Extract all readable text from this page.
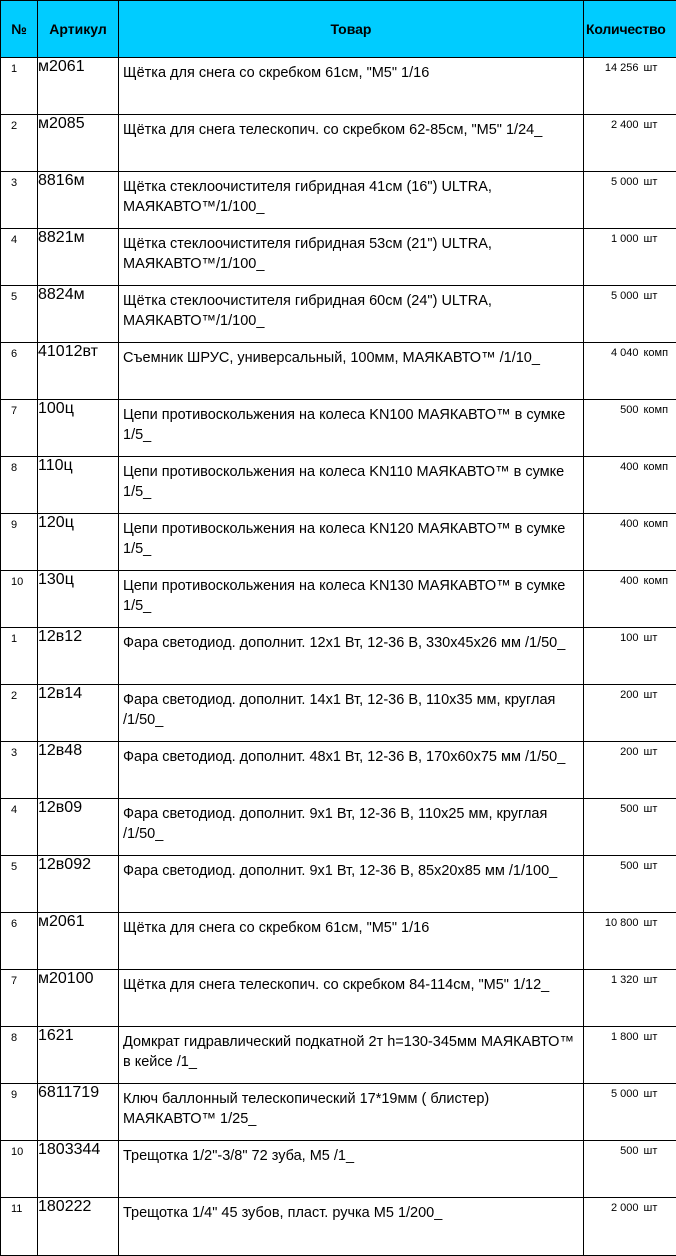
№	Артикул	Товар	Количество	
1	м2061	Щётка для снега со скребком 61см, "М5" 1/16	14 256	шт
2	м2085	Щётка для снега телескопич. со скребком 62-85см, "М5" 1/24_	2 400	шт
3	8816м	Щётка стеклоочистителя гибридная 41см (16") ULTRA, МАЯКАВТО™/1/100_	5 000	шт
4	8821м	Щётка стеклоочистителя гибридная 53см (21") ULTRA, МАЯКАВТО™/1/100_	1 000	шт
5	8824м	Щётка стеклоочистителя гибридная 60см (24") ULTRA, МАЯКАВТО™/1/100_	5 000	шт
6	41012вт	Съемник ШРУС, универсальный, 100мм, МАЯКАВТО™ /1/10_	4 040	комп
7	100ц	Цепи противоскольжения на колеса KN100 МАЯКАВТО™ в сумке 1/5_	500	комп
8	110ц	Цепи противоскольжения на колеса KN110 МАЯКАВТО™ в сумке 1/5_	400	комп
9	120ц	Цепи противоскольжения на колеса KN120 МАЯКАВТО™ в сумке 1/5_	400	комп
10	130ц	Цепи противоскольжения на колеса KN130 МАЯКАВТО™ в сумке 1/5_	400	комп
1	12в12	Фара светодиод. дополнит. 12x1 Вт, 12-36 В, 330x45x26 мм /1/50_	100	шт
2	12в14	Фара светодиод. дополнит. 14x1 Вт, 12-36 В, 110x35 мм, круглая /1/50_	200	шт
3	12в48	Фара светодиод. дополнит. 48x1 Вт, 12-36 В, 170x60x75 мм /1/50_	200	шт
4	12в09	Фара светодиод. дополнит. 9x1 Вт, 12-36 В, 110x25 мм, круглая /1/50_	500	шт
5	12в092	Фара светодиод. дополнит. 9x1 Вт, 12-36 В, 85x20x85 мм /1/100_	500	шт
6	м2061	Щётка для снега со скребком 61см, "М5" 1/16	10 800	шт
7	м20100	Щётка для снега телескопич. со скребком 84-114см, "М5" 1/12_	1 320	шт
8	1621	Домкрат гидравлический подкатной 2т h=130-345мм МАЯКАВТО™ в кейсе /1_	1 800	шт
9	6811719	Ключ баллонный телескопический 17*19мм ( блистер) МАЯКАВТО™ 1/25_	5 000	шт
10	1803344	Трещотка 1/2"-3/8" 72 зуба, М5 /1_	500	шт
11	180222	Трещотка 1/4" 45 зубов, пласт. ручка М5 1/200_	2 000	шт
